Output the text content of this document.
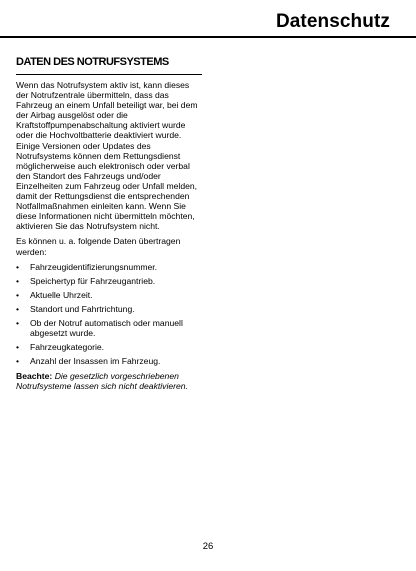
Datenschutz
DATEN DES NOTRUFSYSTEMS

Wenn das Notrufsystem aktiv ist, kann dieses der Notrufzentrale übermitteln, dass das Fahrzeug an einem Unfall beteiligt war, bei dem der Airbag ausgelöst oder die Kraftstoffpumpenabschaltung aktiviert wurde oder die Hochvoltbatterie deaktiviert wurde. Einige Versionen oder Updates des Notrufsystems können dem Rettungsdienst möglicherweise auch elektronisch oder verbal den Standort des Fahrzeugs und/oder Einzelheiten zum Fahrzeug oder Unfall melden, damit der Rettungsdienst die entsprechenden Notfallmaßnahmen einleiten kann. Wenn Sie diese Informationen nicht übermitteln möchten, aktivieren Sie das Notrufsystem nicht.

Es können u. a. folgende Daten übertragen werden:

•	Fahrzeugidentifizierungsnummer.
•	Speichertyp für Fahrzeugantrieb.
•	Aktuelle Uhrzeit.
•	Standort und Fahrtrichtung.
•	Ob der Notruf automatisch oder manuell abgesetzt wurde.
•	Fahrzeugkategorie.
•	Anzahl der Insassen im Fahrzeug.

Beachte: Die gesetzlich vorgeschriebenen Notrufsysteme lassen sich nicht deaktivieren.

26
